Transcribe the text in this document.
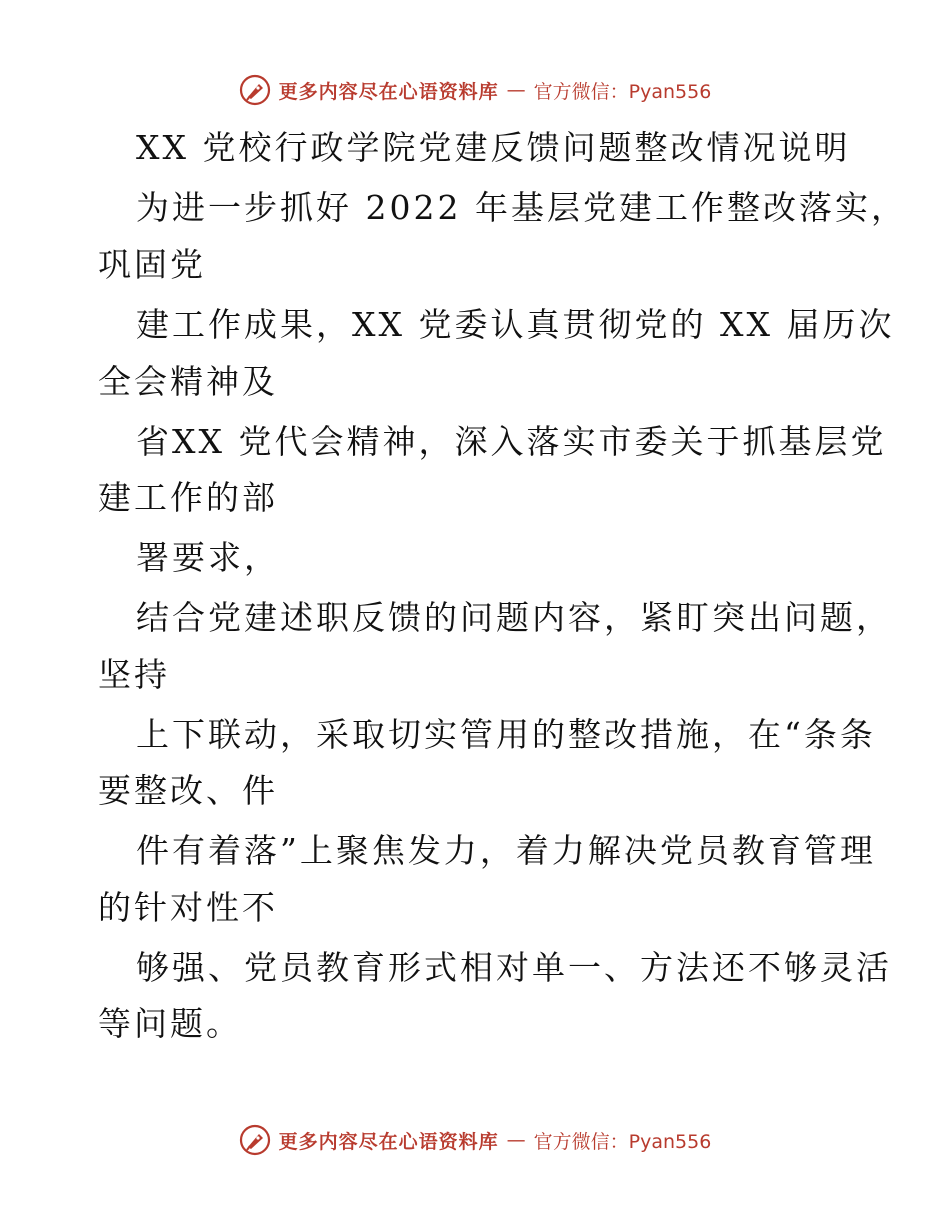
更多内容尽在心语资料库 — 官方微信：Pyan556
XX 党校行政学院党建反馈问题整改情况说明
为进一步抓好 2022 年基层党建工作整改落实，
巩固党
建工作成果，XX 党委认真贯彻党的 XX 届历次
全会精神及
省XX 党代会精神，深入落实市委关于抓基层党
建工作的部
署要求，
结合党建述职反馈的问题内容，紧盯突出问题，
坚持
上下联动，采取切实管用的整改措施，在“条条
要整改、件
件有着落”上聚焦发力，着力解决党员教育管理
的针对性不
够强、党员教育形式相对单一、方法还不够灵活
等问题。
更多内容尽在心语资料库 — 官方微信：Pyan556
